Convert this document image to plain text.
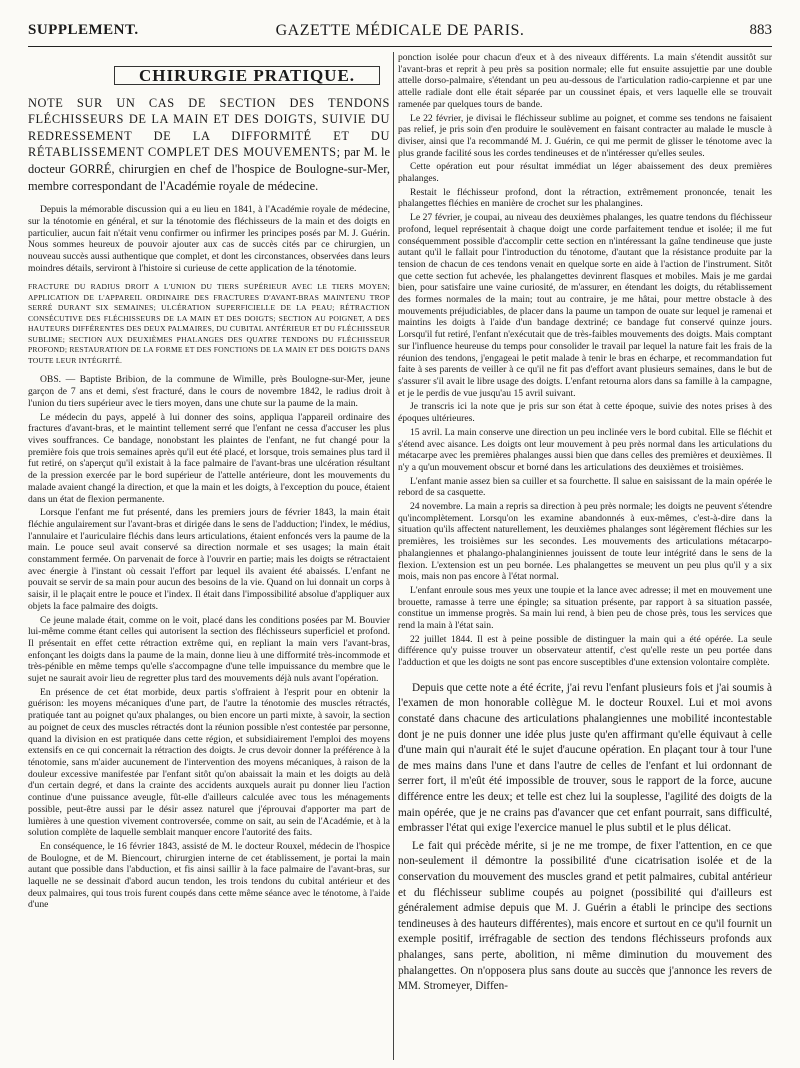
SUPPLEMENT.	GAZETTE MÉDICALE DE PARIS.	883
CHIRURGIE PRATIQUE.
NOTE SUR UN CAS DE SECTION DES TENDONS FLÉCHISSEURS DE LA MAIN ET DES DOIGTS, SUIVIE DU REDRESSEMENT DE LA DIFFORMITÉ ET DU RÉTABLISSEMENT COMPLET DES MOUVEMENTS; par M. le docteur GORRÉ, chirurgien en chef de l'hospice de Boulogne-sur-Mer, membre correspondant de l'Académie royale de médecine.

Depuis la mémorable discussion qui a eu lieu en 1841, à l'Académie royale de médecine, sur la ténotomie en général, et sur la ténotomie des fléchisseurs de la main et des doigts en particulier, aucun fait n'était venu confirmer ou infirmer les principes posés par M. J. Guérin. Nous sommes heureux de pouvoir ajouter aux cas de succès cités par ce chirurgien, un nouveau succès aussi authentique que complet, et dont les circonstances, observées dans leurs moindres détails, serviront à l'histoire si curieuse de cette application de la ténotomie.

FRACTURE DU RADIUS DROIT A L'UNION DU TIERS SUPÉRIEUR AVEC LE TIERS MOYEN; APPLICATION DE L'APPAREIL ORDINAIRE DES FRACTURES D'AVANT-BRAS MAINTENU TROP SERRÉ DURANT SIX SEMAINES; ULCÉRATION SUPERFICIELLE DE LA PEAU; RÉTRACTION CONSÉCUTIVE DES FLÉCHISSEURS DE LA MAIN ET DES DOIGTS; SECTION AU POIGNET, A DES HAUTEURS DIFFÉRENTES DES DEUX PALMAIRES, DU CUBITAL ANTÉRIEUR ET DU FLÉCHISSEUR SUBLIME; SECTION AUX DEUXIÈMES PHALANGES DES QUATRE TENDONS DU FLÉCHISSEUR PROFOND; RESTAURATION DE LA FORME ET DES FONCTIONS DE LA MAIN ET DES DOIGTS DANS TOUTE LEUR INTÉGRITÉ.

OBS. — Baptiste Bribion, de la commune de Wimille, près Boulogne-sur-Mer, jeune garçon de 7 ans et demi, s'est fracturé, dans le cours de novembre 1842, le radius droit à l'union du tiers supérieur avec le tiers moyen, dans une chute sur la paume de la main.

Le médecin du pays, appelé à lui donner des soins, appliqua l'appareil ordinaire des fractures d'avant-bras, et le maintint tellement serré que l'enfant ne cessa d'accuser les plus vives souffrances. Ce bandage, nonobstant les plaintes de l'enfant, ne fut changé pour la première fois que trois semaines après qu'il eut été placé, et lorsque, trois semaines plus tard il fut retiré, on s'aperçut qu'il existait à la face palmaire de l'avant-bras une ulcération résultant de la pression exercée par le bord supérieur de l'attelle antérieure, dont les mouvements du malade avaient changé la direction, et que la main et les doigts, à l'exception du pouce, étaient dans un état de flexion permanente.

Lorsque l'enfant me fut présenté, dans les premiers jours de février 1843, la main était fléchie angulairement sur l'avant-bras et dirigée dans le sens de l'adduction; l'index, le médius, l'annulaire et l'auriculaire fléchis dans leurs articulations, étaient enfoncés vers la paume de la main. Le pouce seul avait conservé sa direction normale et ses usages; la main était constamment fermée. On parvenait de force à l'ouvrir en partie; mais les doigts se rétractaient avec énergie à l'instant où cessait l'effort par lequel ils avaient été abaissés. L'enfant ne pouvait se servir de sa main pour aucun des besoins de la vie. Quand on lui donnait un corps à saisir, il le plaçait entre le pouce et l'index. Il était dans l'impossibilité absolue d'appliquer aux objets la face palmaire des doigts.

Ce jeune malade était, comme on le voit, placé dans les conditions posées par M. Bouvier lui-même comme étant celles qui autorisent la section des fléchisseurs superficiel et profond. Il présentait en effet cette rétraction extrême qui, en repliant la main vers l'avant-bras, enfonçant les doigts dans la paume de la main, donne lieu à une difformité très-incommode et très-pénible en même temps qu'elle s'accompagne d'une telle impuissance du membre que le sujet ne saurait avoir lieu de regretter plus tard des mouvements déjà nuls avant l'opération.

En présence de cet état morbide, deux partis s'offraient à l'esprit pour en obtenir la guérison: les moyens mécaniques d'une part, de l'autre la ténotomie des muscles rétractés, pratiquée tant au poignet qu'aux phalanges, ou bien encore un parti mixte, à savoir, la section au poignet de ceux des muscles rétractés dont la réunion possible n'est contestée par personne, quand la division en est pratiquée dans cette région, et subsidiairement l'emploi des moyens extensifs en ce qui concernait la rétraction des doigts. Je crus devoir donner la préférence à la ténotomie, sans m'aider aucunement de l'intervention des moyens mécaniques, à raison de la douleur excessive manifestée par l'enfant sitôt qu'on abaissait la main et les doigts au delà d'un certain degré, et dans la crainte des accidents auxquels aurait pu donner lieu l'action continue d'une puissance aveugle, fût-elle d'ailleurs calculée avec tous les ménagements possible, peut-être aussi par le désir assez naturel que j'éprouvai d'apporter ma part de lumières à une question vivement controversée, comme on sait, au sein de l'Académie, et à la solution complète de laquelle semblait manquer encore l'autorité des faits.

En conséquence, le 16 février 1843, assisté de M. le docteur Rouxel, médecin de l'hospice de Boulogne, et de M. Biencourt, chirurgien interne de cet établissement, je portai la main autant que possible dans l'abduction, et fis ainsi saillir à la face palmaire de l'avant-bras, sur laquelle ne se dessinait d'abord aucun tendon, les trois tendons du cubital antérieur et des deux palmaires, qui tous trois furent coupés dans cette même séance avec le ténotome, à l'aide d'une

ponction isolée pour chacun d'eux et à des niveaux différents. La main s'étendit aussitôt sur l'avant-bras et reprit à peu près sa position normale; elle fut ensuite assujettie par une double attelle dorso-palmaire, s'étendant un peu au-dessous de l'articulation radio-carpienne et par une attelle radiale dont elle était séparée par un coussinet épais, et vers laquelle elle se trouvait ramenée par quelques tours de bande.

Le 22 février, je divisai le fléchisseur sublime au poignet, et comme ses tendons ne faisaient pas relief, je pris soin d'en produire le soulèvement en faisant contracter au malade le muscle à diviser, ainsi que l'a recommandé M. J. Guérin, ce qui me permit de glisser le ténotome avec la plus grande facilité sous les cordes tendineuses et de n'intéresser qu'elles seules.

Cette opération eut pour résultat immédiat un léger abaissement des deux premières phalanges.

Restait le fléchisseur profond, dont la rétraction, extrêmement prononcée, tenait les phalangettes fléchies en manière de crochet sur les phalangines.

Le 27 février, je coupai, au niveau des deuxièmes phalanges, les quatre tendons du fléchisseur profond, lequel représentait à chaque doigt une corde parfaitement tendue et isolée; il me fut conséquemment possible d'accomplir cette section en n'intéressant la gaîne tendineuse que juste autant qu'il le fallait pour l'introduction du ténotome, d'autant que la résistance produite par la tension de chacun de ces tendons venait en quelque sorte en aide à l'action de l'instrument. Sitôt que cette section fut achevée, les phalangettes devinrent flasques et mobiles. Mais je me gardai bien, pour satisfaire une vaine curiosité, de m'assurer, en étendant les doigts, du rétablissement des formes normales de la main; tout au contraire, je me hâtai, pour mettre obstacle à des mouvements préjudiciables, de placer dans la paume un tampon de ouate sur lequel je ramenai et maintins les doigts à l'aide d'un bandage dextriné; ce bandage fut conservé quinze jours. Lorsqu'il fut retiré, l'enfant n'exécutait que de très-faibles mouvements des doigts. Mais comptant sur l'influence heureuse du temps pour consolider le travail par lequel la nature fait les frais de la réunion des tendons, j'engageai le petit malade à tenir le bras en écharpe, et recommandation fut faite à ses parents de veiller à ce qu'il ne fit pas d'effort avant plusieurs semaines, dans le but de s'assurer s'il avait le libre usage des doigts. L'enfant retourna alors dans sa famille à la campagne, et je le perdis de vue jusqu'au 15 avril suivant.

Je transcris ici la note que je pris sur son état à cette époque, suivie des notes prises à des époques ultérieures.

15 avril. La main conserve une direction un peu inclinée vers le bord cubital. Elle se fléchit et s'étend avec aisance. Les doigts ont leur mouvement à peu près normal dans les articulations du métacarpe avec les premières phalanges aussi bien que dans celles des premières et deuxièmes. Il n'y a qu'un mouvement obscur et borné dans les articulations des deuxièmes et troisièmes.

L'enfant manie assez bien sa cuiller et sa fourchette. Il salue en saisissant de la main opérée le rebord de sa casquette.

24 novembre. La main a repris sa direction à peu près normale; les doigts ne peuvent s'étendre qu'incomplètement. Lorsqu'on les examine abandonnés à eux-mêmes, c'est-à-dire dans la situation qu'ils affectent naturellement, les deuxièmes phalanges sont légèrement fléchies sur les premières, les troisièmes sur les secondes. Les mouvements des articulations métacarpo-phalangiennes et phalango-phalanginiennes jouissent de toute leur intégrité dans le sens de la flexion. L'extension est un peu bornée. Les phalangettes se meuvent un peu plus qu'il y a six mois, mais non pas encore à l'état normal.

L'enfant enroule sous mes yeux une toupie et la lance avec adresse; il met en mouvement une brouette, ramasse à terre une épingle; sa situation présente, par rapport à sa situation passée, constitue un immense progrès. Sa main lui rend, à bien peu de chose près, tous les services que rend la main à l'état sain.

22 juillet 1844. Il est à peine possible de distinguer la main qui a été opérée. La seule différence qu'y puisse trouver un observateur attentif, c'est qu'elle reste un peu portée dans l'adduction et que les doigts ne sont pas encore susceptibles d'une extension volontaire complète.

Depuis que cette note a été écrite, j'ai revu l'enfant plusieurs fois et j'ai soumis à l'examen de mon honorable collègue M. le docteur Rouxel. Lui et moi avons constaté dans chacune des articulations phalangiennes une mobilité incontestable dont je ne puis donner une idée plus juste qu'en affirmant qu'elle équivaut à celle d'une main qui n'aurait été le sujet d'aucune opération. En plaçant tour à tour l'une de mes mains dans l'une et dans l'autre de celles de l'enfant et lui ordonnant de serrer fort, il m'eût été impossible de trouver, sous le rapport de la force, aucune différence entre les deux; et telle est chez lui la souplesse, l'agilité des doigts de la main opérée, que je ne crains pas d'avancer que cet enfant pourrait, sans difficulté, embrasser l'état qui exige l'exercice manuel le plus subtil et le plus délicat.

Le fait qui précède mérite, si je ne me trompe, de fixer l'attention, en ce que non-seulement il démontre la possibilité d'une cicatrisation isolée et de la conservation du mouvement des muscles grand et petit palmaires, cubital antérieur et du fléchisseur sublime coupés au poignet (possibilité qui d'ailleurs est généralement admise depuis que M. J. Guérin a établi le principe des sections tendineuses à des hauteurs différentes), mais encore et surtout en ce qu'il fournit un exemple positif, irréfragable de section des tendons fléchisseurs profonds aux phalanges, sans perte, abolition, ni même diminution du mouvement des phalangettes. On n'opposera plus sans doute au succès que j'annonce les revers de MM. Stromeyer, Diffen-
